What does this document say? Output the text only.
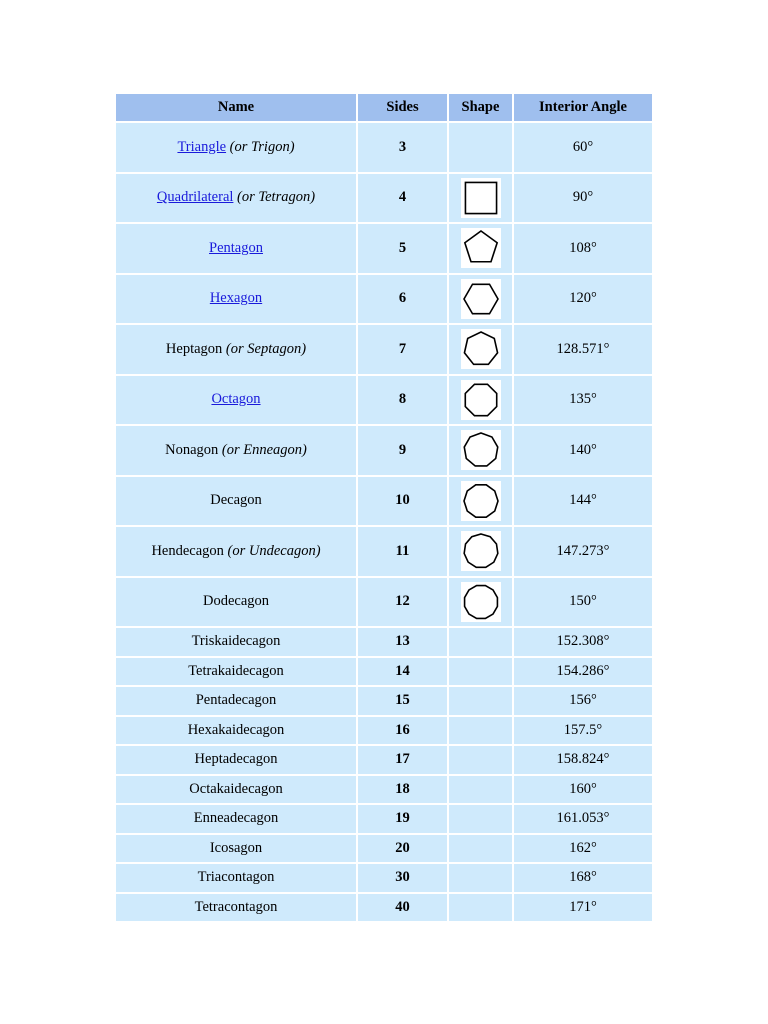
Name	Sides	Shape	Interior Angle
Triangle (or Trigon)	3		60°
Quadrilateral (or Tetragon)	4		90°
Pentagon	5		108°
Hexagon	6		120°
Heptagon (or Septagon)	7		128.571°
Octagon	8		135°
Nonagon (or Enneagon)	9		140°
Decagon	10		144°
Hendecagon (or Undecagon)	11		147.273°
Dodecagon	12		150°
Triskaidecagon	13		152.308°
Tetrakaidecagon	14		154.286°
Pentadecagon	15		156°
Hexakaidecagon	16		157.5°
Heptadecagon	17		158.824°
Octakaidecagon	18		160°
Enneadecagon	19		161.053°
Icosagon	20		162°
Triacontagon	30		168°
Tetracontagon	40		171°
